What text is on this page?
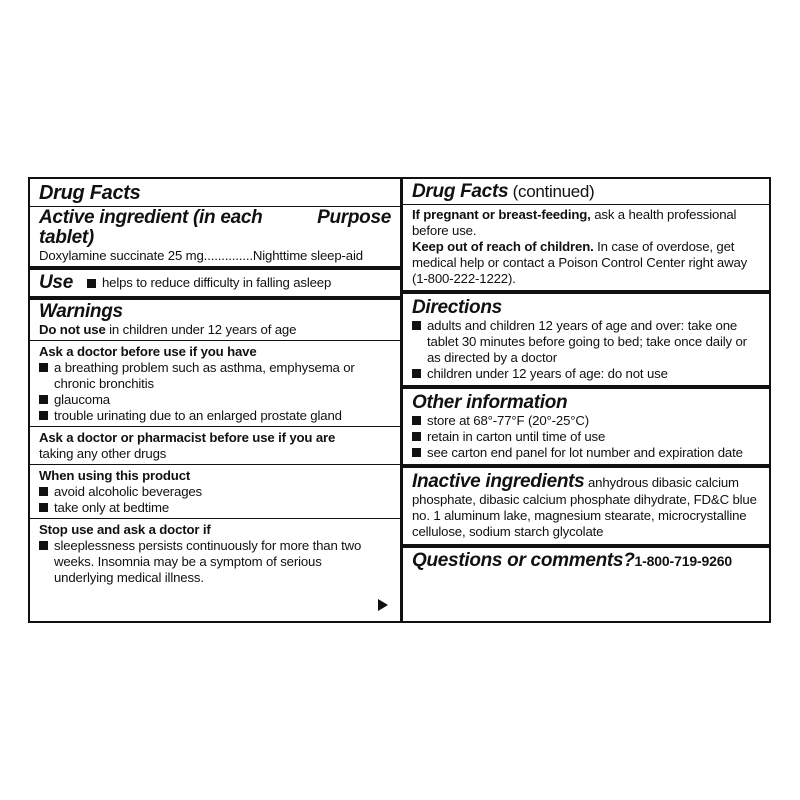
Drug Facts
Active ingredient (in each tablet)
Purpose
Doxylamine succinate 25 mg..............Nighttime sleep-aid
Use helps to reduce difficulty in falling asleep
Warnings
Do not use in children under 12 years of age
Ask a doctor before use if you have
a breathing problem such as asthma, emphysema or chronic bronchitis
glaucoma
trouble urinating due to an enlarged prostate gland
Ask a doctor or pharmacist before use if you are
taking any other drugs
When using this product
avoid alcoholic beverages
take only at bedtime
Stop use and ask a doctor if
sleeplessness persists continuously for more than two weeks. Insomnia may be a symptom of serious underlying medical illness.
Drug Facts (continued)
If pregnant or breast-feeding, ask a health professional before use.
Keep out of reach of children. In case of overdose, get medical help or contact a Poison Control Center right away (1-800-222-1222).
Directions
adults and children 12 years of age and over: take one tablet 30 minutes before going to bed; take once daily or as directed by a doctor
children under 12 years of age: do not use
Other information
store at 68°-77°F (20°-25°C)
retain in carton until time of use
see carton end panel for lot number and expiration date
Inactive ingredients anhydrous dibasic calcium phosphate, dibasic calcium phosphate dihydrate, FD&C blue no. 1 aluminum lake, magnesium stearate, microcrystalline cellulose, sodium starch glycolate
Questions or comments?1-800-719-9260
